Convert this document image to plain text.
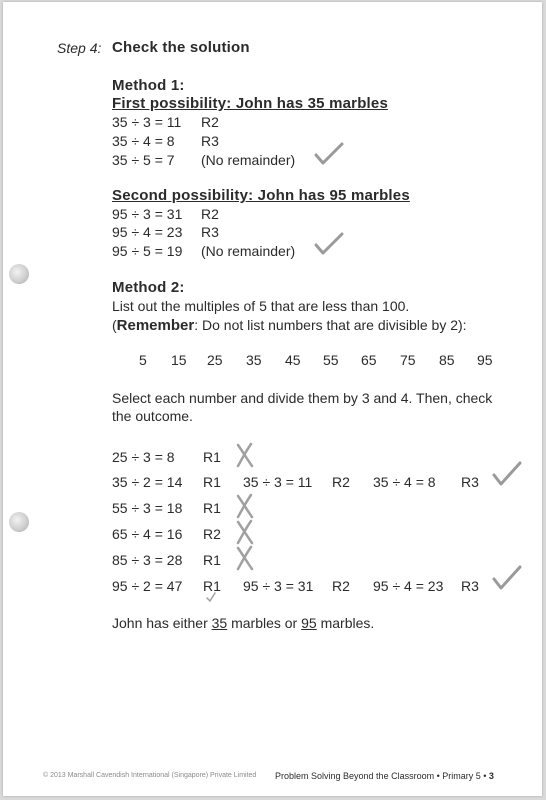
Step 4: Check the solution
Method 1:
First possibility: John has 35 marbles
35 ÷ 3 = 11 R2
35 ÷ 4 = 8 R3
35 ÷ 5 = 7 (No remainder)
Second possibility: John has 95 marbles
95 ÷ 3 = 31 R2
95 ÷ 4 = 23 R3
95 ÷ 5 = 19 (No remainder)
Method 2:
List out the multiples of 5 that are less than 100.
(Remember: Do not list numbers that are divisible by 2):
5 15 25 35 45 55 65 75 85 95
Select each number and divide them by 3 and 4. Then, check
the outcome.
25 ÷ 3 = 8 R1
35 ÷ 2 = 14 R1 35 ÷ 3 = 11 R2 35 ÷ 4 = 8 R3
55 ÷ 3 = 18 R1
65 ÷ 4 = 16 R2
85 ÷ 3 = 28 R1
95 ÷ 2 = 47 R1 95 ÷ 3 = 31 R2 95 ÷ 4 = 23 R3
John has either 35 marbles or 95 marbles.
© 2013 Marshall Cavendish International (Singapore) Private Limited Problem Solving Beyond the Classroom • Primary 5 • 3
